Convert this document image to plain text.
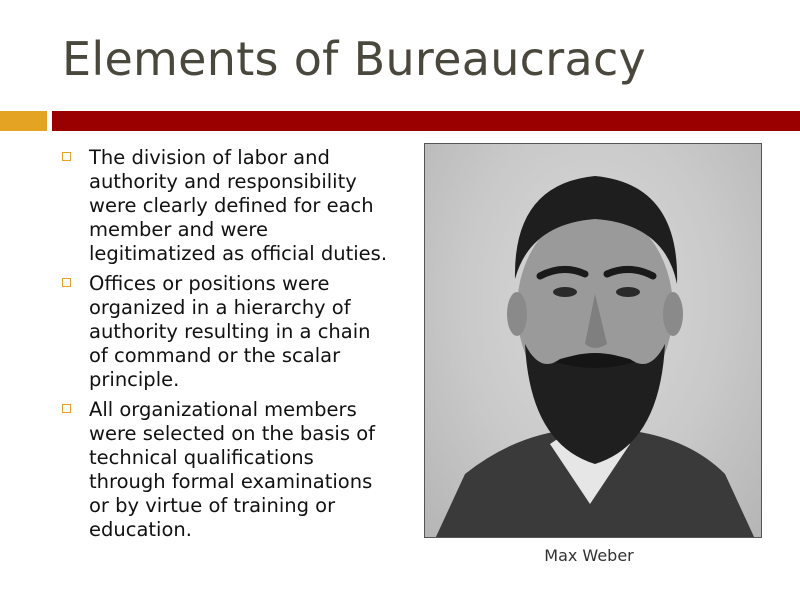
Elements of Bureaucracy
The division of labor and authority and responsibility were clearly defined for each member and were legitimatized as official duties.
Offices or positions were organized in a hierarchy of authority resulting in a chain of command or the scalar principle.
All organizational members were selected on the basis of technical qualifications through formal examinations or by virtue of training or education.
Max Weber
